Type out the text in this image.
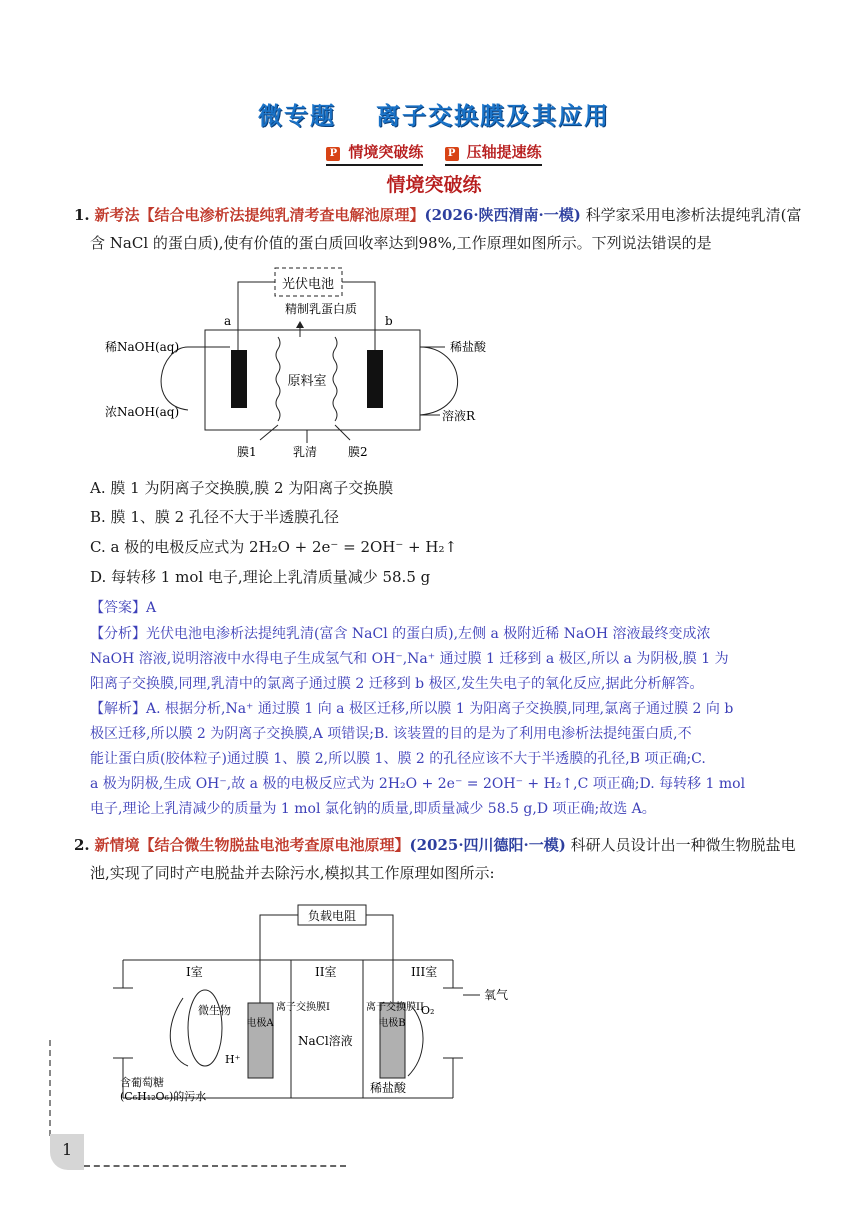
微专题 离子交换膜及其应用
P 情境突破练 P 压轴提速练
情境突破练
1. 新考法【结合电渗析法提纯乳清考查电解池原理】(2026·陕西渭南·一模) 科学家采用电渗析法提纯乳清(富
含 NaCl 的蛋白质),使有价值的蛋白质回收率达到98%,工作原理如图所示。下列说法错误的是
光伏电池
a	b
精制乳蛋白质
原料室
稀NaOH(aq)
浓NaOH(aq)
稀盐酸
溶液R
膜1	乳清	膜2
A. 膜 1 为阴离子交换膜,膜 2 为阳离子交换膜
B. 膜 1、膜 2 孔径不大于半透膜孔径
C. a 极的电极反应式为 2H₂O + 2e⁻ = 2OH⁻ + H₂↑
D. 每转移 1 mol 电子,理论上乳清质量减少 58.5 g
【答案】A
【分析】光伏电池电渗析法提纯乳清(富含 NaCl 的蛋白质),左侧 a 极附近稀 NaOH 溶液最终变成浓
NaOH 溶液,说明溶液中水得电子生成氢气和 OH⁻,Na⁺ 通过膜 1 迁移到 a 极区,所以 a 为阴极,膜 1 为
阳离子交换膜,同理,乳清中的氯离子通过膜 2 迁移到 b 极区,发生失电子的氧化反应,据此分析解答。
【解析】A. 根据分析,Na⁺ 通过膜 1 向 a 极区迁移,所以膜 1 为阳离子交换膜,同理,氯离子通过膜 2 向 b
极区迁移,所以膜 2 为阴离子交换膜,A 项错误;B. 该装置的目的是为了利用电渗析法提纯蛋白质,不
能让蛋白质(胶体粒子)通过膜 1、膜 2,所以膜 1、膜 2 的孔径应该不大于半透膜的孔径,B 项正确;C.
a 极为阴极,生成 OH⁻,故 a 极的电极反应式为 2H₂O + 2e⁻ = 2OH⁻ + H₂↑,C 项正确;D. 每转移 1 mol
电子,理论上乳清减少的质量为 1 mol 氯化钠的质量,即质量减少 58.5 g,D 项正确;故选 A。
2. 新情境【结合微生物脱盐电池考查原电池原理】(2025·四川德阳·一模) 科研人员设计出一种微生物脱盐电
池,实现了同时产电脱盐并去除污水,模拟其工作原理如图所示:
负载电阻
I室	II室	III室
氧气
O₂
微生物
H⁺
电极A	电极B
离子交换膜I	离子交换膜II
NaCl溶液
含葡萄糖
(C₆H₁₂O₆)的污水
稀盐酸
1
